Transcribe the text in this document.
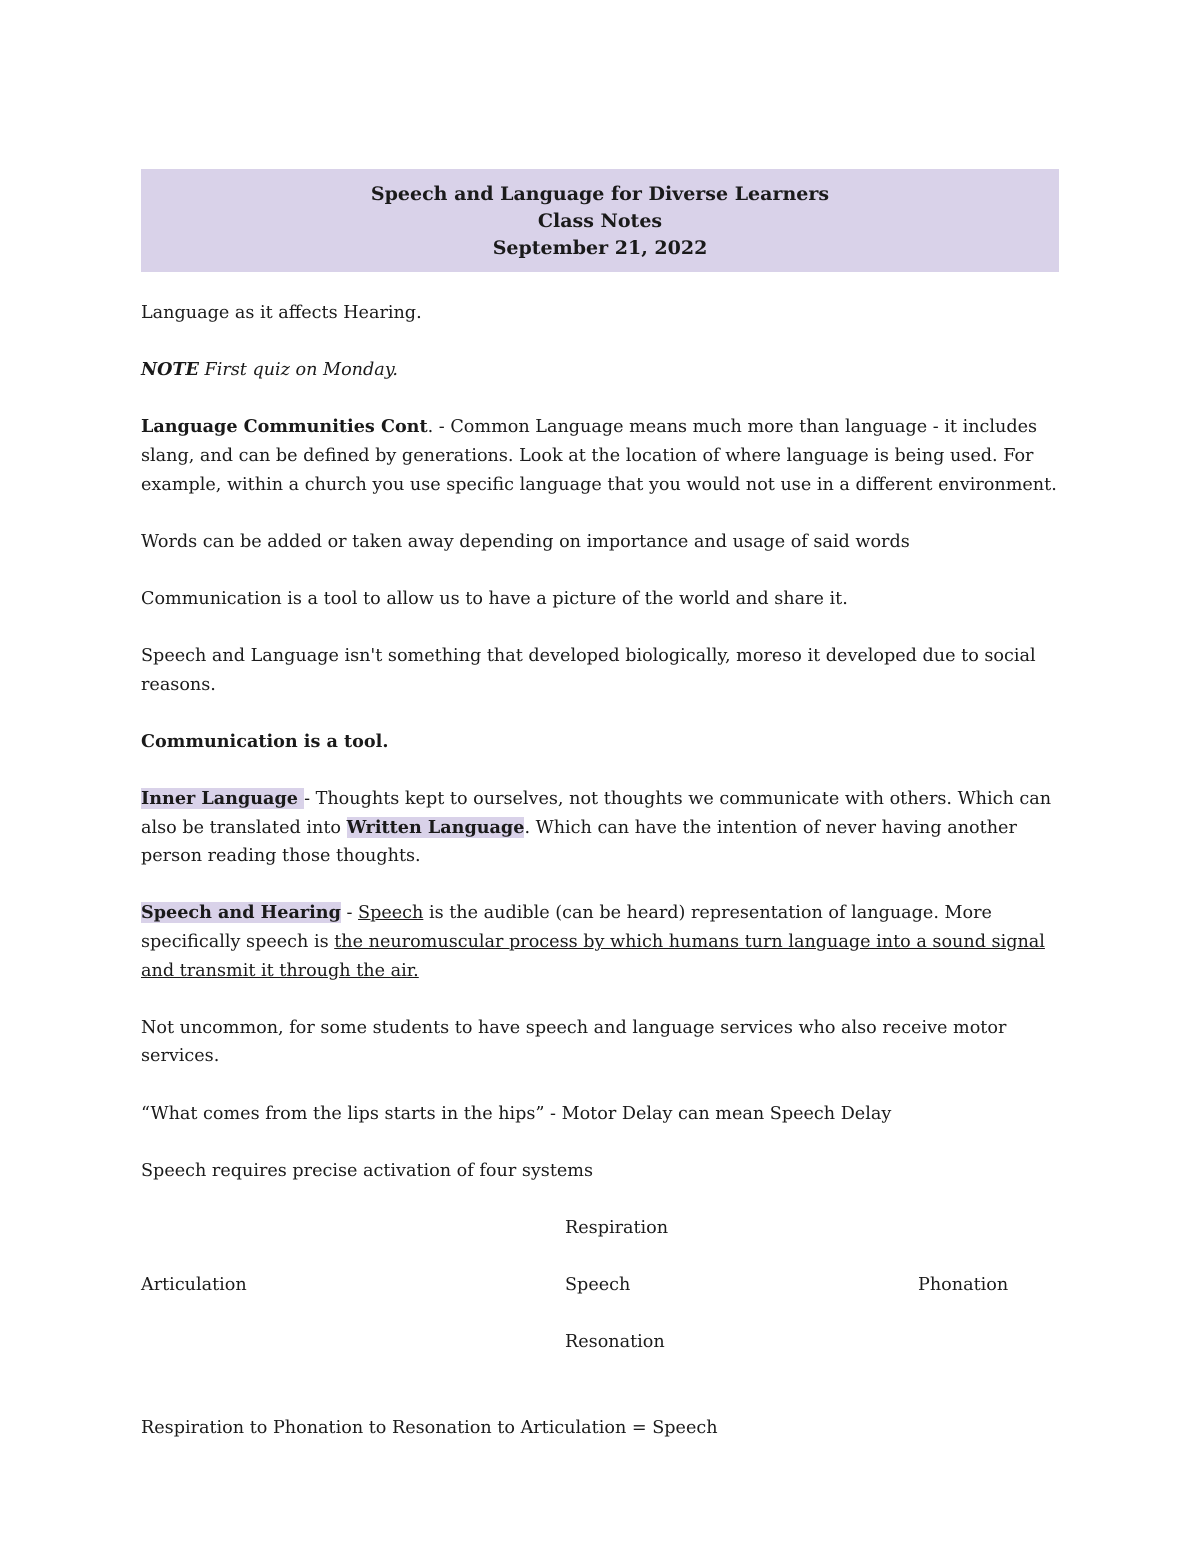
Speech and Language for Diverse Learners
Class Notes
September 21, 2022

Language as it affects Hearing.

NOTE First quiz on Monday.

Language Communities Cont. - Common Language means much more than language - it includes slang, and can be defined by generations. Look at the location of where language is being used. For example, within a church you use specific language that you would not use in a different environment.

Words can be added or taken away depending on importance and usage of said words

Communication is a tool to allow us to have a picture of the world and share it.

Speech and Language isn't something that developed biologically, moreso it developed due to social reasons.

Communication is a tool.

Inner Language - Thoughts kept to ourselves, not thoughts we communicate with others. Which can also be translated into Written Language. Which can have the intention of never having another person reading those thoughts.

Speech and Hearing - Speech is the audible (can be heard) representation of language. More specifically speech is the neuromuscular process by which humans turn language into a sound signal and transmit it through the air.

Not uncommon, for some students to have speech and language services who also receive motor services.

“What comes from the lips starts in the hips” - Motor Delay can mean Speech Delay

Speech requires precise activation of four systems

Respiration
Articulation	Speech	Phonation
Resonation

Respiration to Phonation to Resonation to Articulation = Speech
